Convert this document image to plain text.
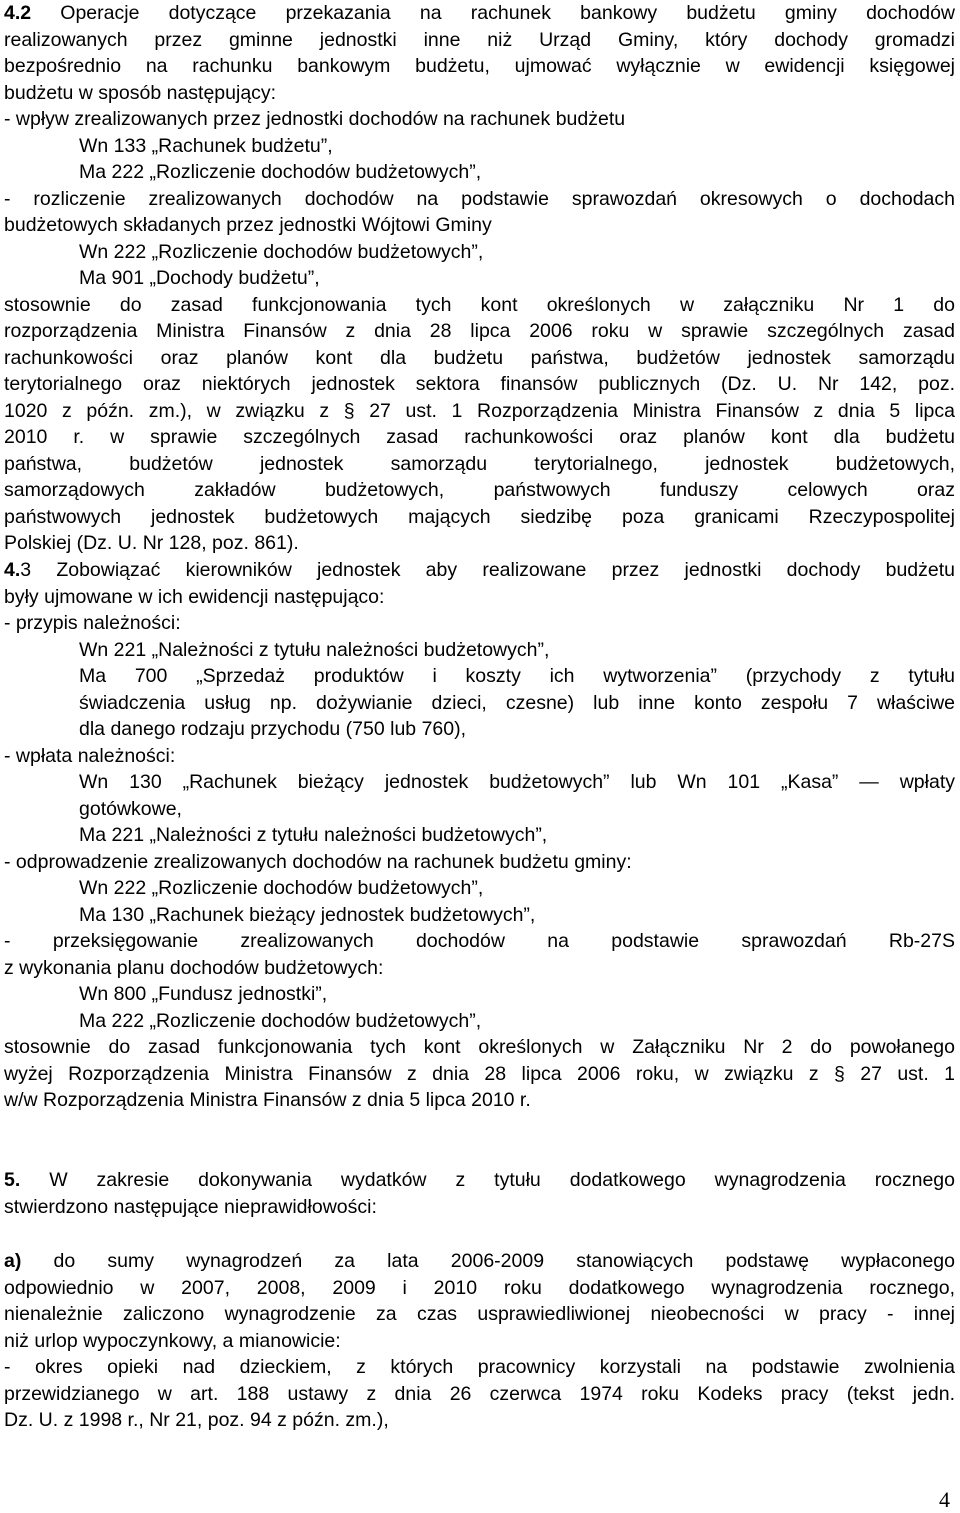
4.2 Operacje dotyczące przekazania na rachunek bankowy budżetu gminy dochodów
realizowanych przez gminne jednostki inne niż Urząd Gminy, który dochody gromadzi
bezpośrednio na rachunku bankowym budżetu, ujmować wyłącznie w ewidencji księgowej
budżetu w sposób następujący:
- wpływ zrealizowanych przez jednostki dochodów na rachunek budżetu
Wn 133 „Rachunek budżetu”,
Ma 222 „Rozliczenie dochodów budżetowych”,
- rozliczenie zrealizowanych dochodów na podstawie sprawozdań okresowych o dochodach
budżetowych składanych przez jednostki Wójtowi Gminy
Wn 222 „Rozliczenie dochodów budżetowych”,
Ma 901 „Dochody budżetu”,
stosownie do zasad funkcjonowania tych kont określonych w załączniku Nr 1 do
rozporządzenia Ministra Finansów z dnia 28 lipca 2006 roku w sprawie szczególnych zasad
rachunkowości oraz planów kont dla budżetu państwa, budżetów jednostek samorządu
terytorialnego oraz niektórych jednostek sektora finansów publicznych (Dz. U. Nr 142, poz.
1020 z późn. zm.), w związku z § 27 ust. 1 Rozporządzenia Ministra Finansów z dnia 5 lipca
2010 r. w sprawie szczególnych zasad rachunkowości oraz planów kont dla budżetu
państwa, budżetów jednostek samorządu terytorialnego, jednostek budżetowych,
samorządowych zakładów budżetowych, państwowych funduszy celowych oraz
państwowych jednostek budżetowych mających siedzibę poza granicami Rzeczypospolitej
Polskiej (Dz. U. Nr 128, poz. 861).
4.3 Zobowiązać kierowników jednostek aby realizowane przez jednostki dochody budżetu
były ujmowane w ich ewidencji następująco:
- przypis należności:
Wn 221 „Należności z tytułu należności budżetowych”,
Ma 700 „Sprzedaż produktów i koszty ich wytworzenia” (przychody z tytułu
świadczenia usług np. dożywianie dzieci, czesne) lub inne konto zespołu 7 właściwe
dla danego rodzaju przychodu (750 lub 760),
- wpłata należności:
Wn 130 „Rachunek bieżący jednostek budżetowych” lub Wn 101 „Kasa” — wpłaty
gotówkowe,
Ma 221 „Należności z tytułu należności budżetowych”,
- odprowadzenie zrealizowanych dochodów na rachunek budżetu gminy:
Wn 222 „Rozliczenie dochodów budżetowych”,
Ma 130 „Rachunek bieżący jednostek budżetowych”,
- przeksięgowanie zrealizowanych dochodów na podstawie sprawozdań Rb-27S
z wykonania planu dochodów budżetowych:
Wn 800 „Fundusz jednostki”,
Ma 222 „Rozliczenie dochodów budżetowych”,
stosownie do zasad funkcjonowania tych kont określonych w Załączniku Nr 2 do powołanego
wyżej Rozporządzenia Ministra Finansów z dnia 28 lipca 2006 roku, w związku z § 27 ust. 1
w/w Rozporządzenia Ministra Finansów z dnia 5 lipca 2010 r.
5. W zakresie dokonywania wydatków z tytułu dodatkowego wynagrodzenia rocznego
stwierdzono następujące nieprawidłowości:
a) do sumy wynagrodzeń za lata 2006-2009 stanowiących podstawę wypłaconego
odpowiednio w 2007, 2008, 2009 i 2010 roku dodatkowego wynagrodzenia rocznego,
nienależnie zaliczono wynagrodzenie za czas usprawiedliwionej nieobecności w pracy - innej
niż urlop wypoczynkowy, a mianowicie:
- okres opieki nad dzieckiem, z których pracownicy korzystali na podstawie zwolnienia
przewidzianego w art. 188 ustawy z dnia 26 czerwca 1974 roku Kodeks pracy (tekst jedn.
Dz. U. z 1998 r., Nr 21, poz. 94 z późn. zm.),
4
